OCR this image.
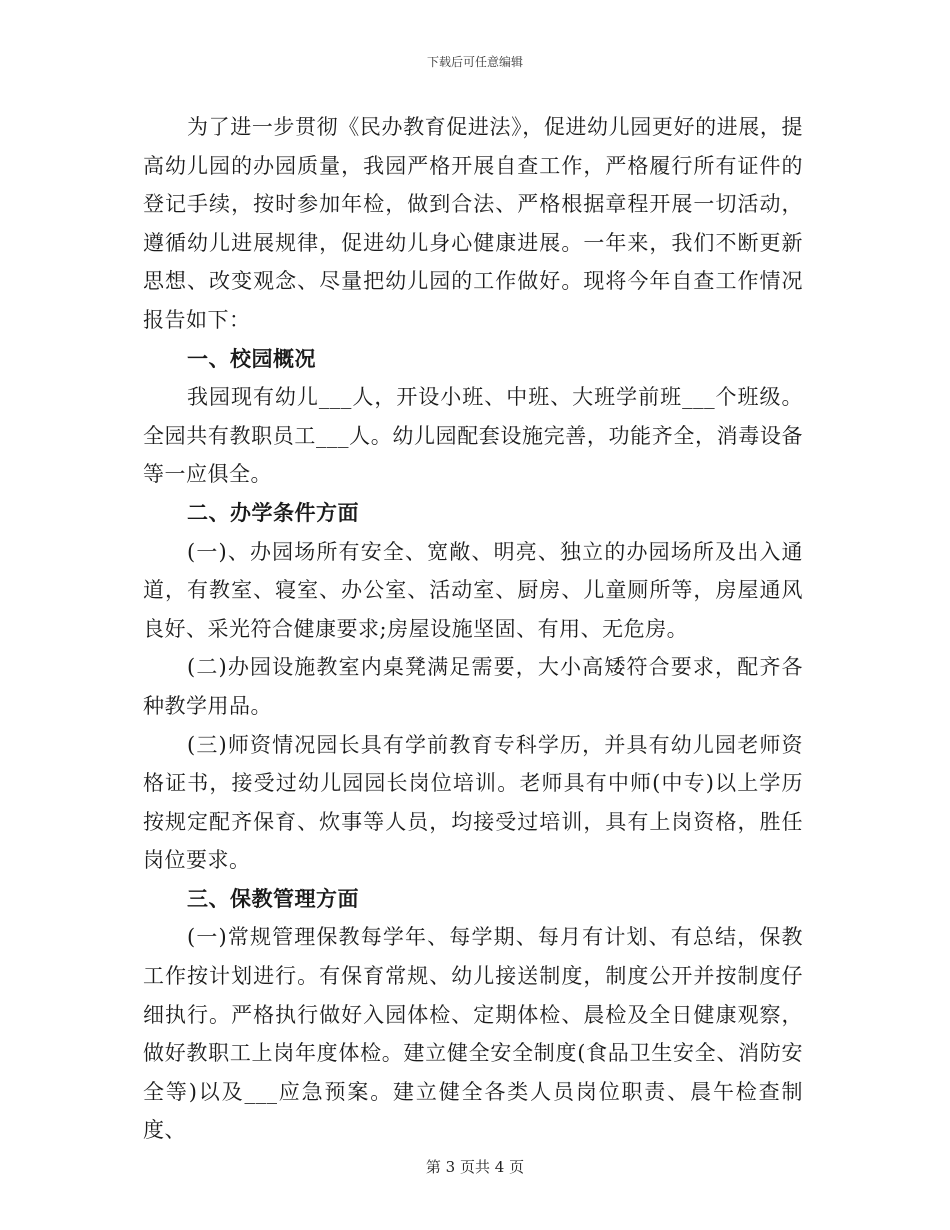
下载后可任意编辑

为了进一步贯彻《民办教育促进法》，促进幼儿园更好的进展，提高幼儿园的办园质量，我园严格开展自查工作，严格履行所有证件的登记手续，按时参加年检，做到合法、严格根据章程开展一切活动，遵循幼儿进展规律，促进幼儿身心健康进展。一年来，我们不断更新思想、改变观念、尽量把幼儿园的工作做好。现将今年自查工作情况报告如下：

一、校园概况

我园现有幼儿___人，开设小班、中班、大班学前班___个班级。全园共有教职员工___人。幼儿园配套设施完善，功能齐全，消毒设备等一应俱全。

二、办学条件方面

(一)、办园场所有安全、宽敞、明亮、独立的办园场所及出入通道，有教室、寝室、办公室、活动室、厨房、儿童厕所等，房屋通风良好、采光符合健康要求;房屋设施坚固、有用、无危房。

(二)办园设施教室内桌凳满足需要，大小高矮符合要求，配齐各种教学用品。

(三)师资情况园长具有学前教育专科学历，并具有幼儿园老师资格证书，接受过幼儿园园长岗位培训。老师具有中师(中专)以上学历按规定配齐保育、炊事等人员，均接受过培训，具有上岗资格，胜任岗位要求。

三、保教管理方面

(一)常规管理保教每学年、每学期、每月有计划、有总结，保教工作按计划进行。有保育常规、幼儿接送制度，制度公开并按制度仔细执行。严格执行做好入园体检、定期体检、晨检及全日健康观察，做好教职工上岗年度体检。建立健全安全制度(食品卫生安全、消防安全等)以及___应急预案。建立健全各类人员岗位职责、晨午检查制度、

第 3 页共 4 页
